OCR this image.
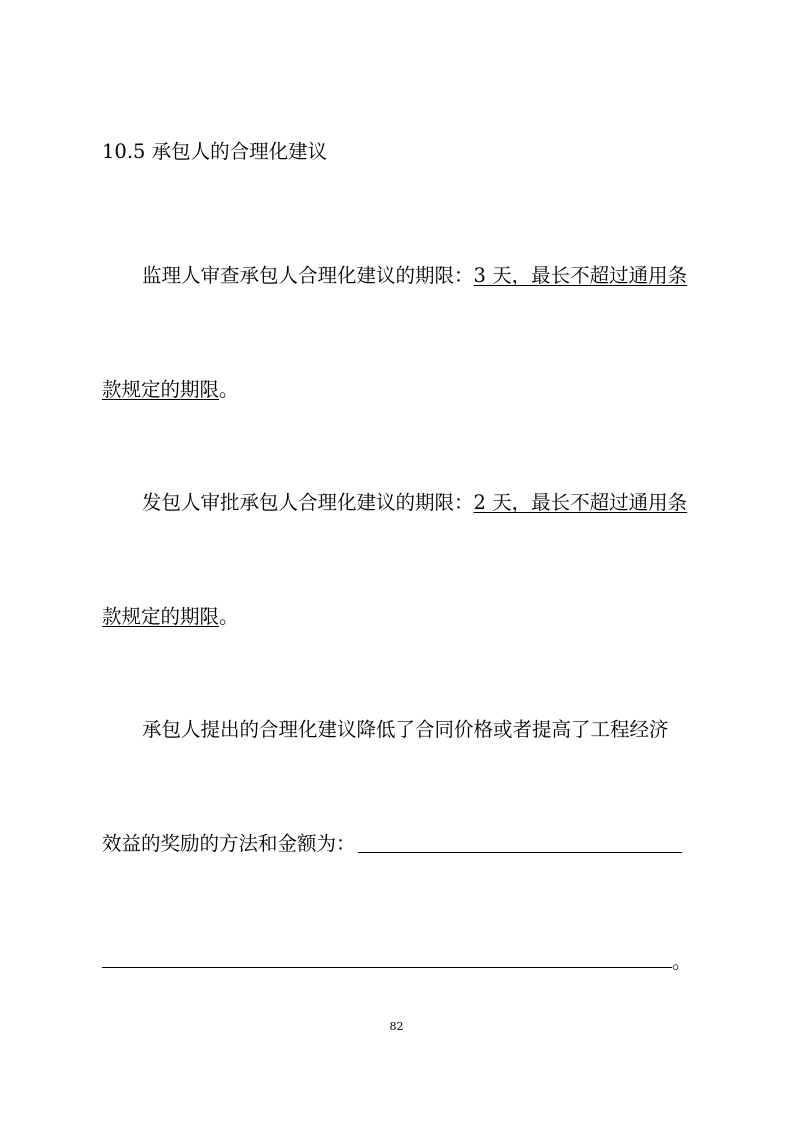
10.5 承包人的合理化建议
监理人审查承包人合理化建议的期限：3 天，最长不超过通用条
款规定的期限。
发包人审批承包人合理化建议的期限：2 天，最长不超过通用条
款规定的期限。
承包人提出的合理化建议降低了合同价格或者提高了工程经济
效益的奖励的方法和金额为：
。
82
